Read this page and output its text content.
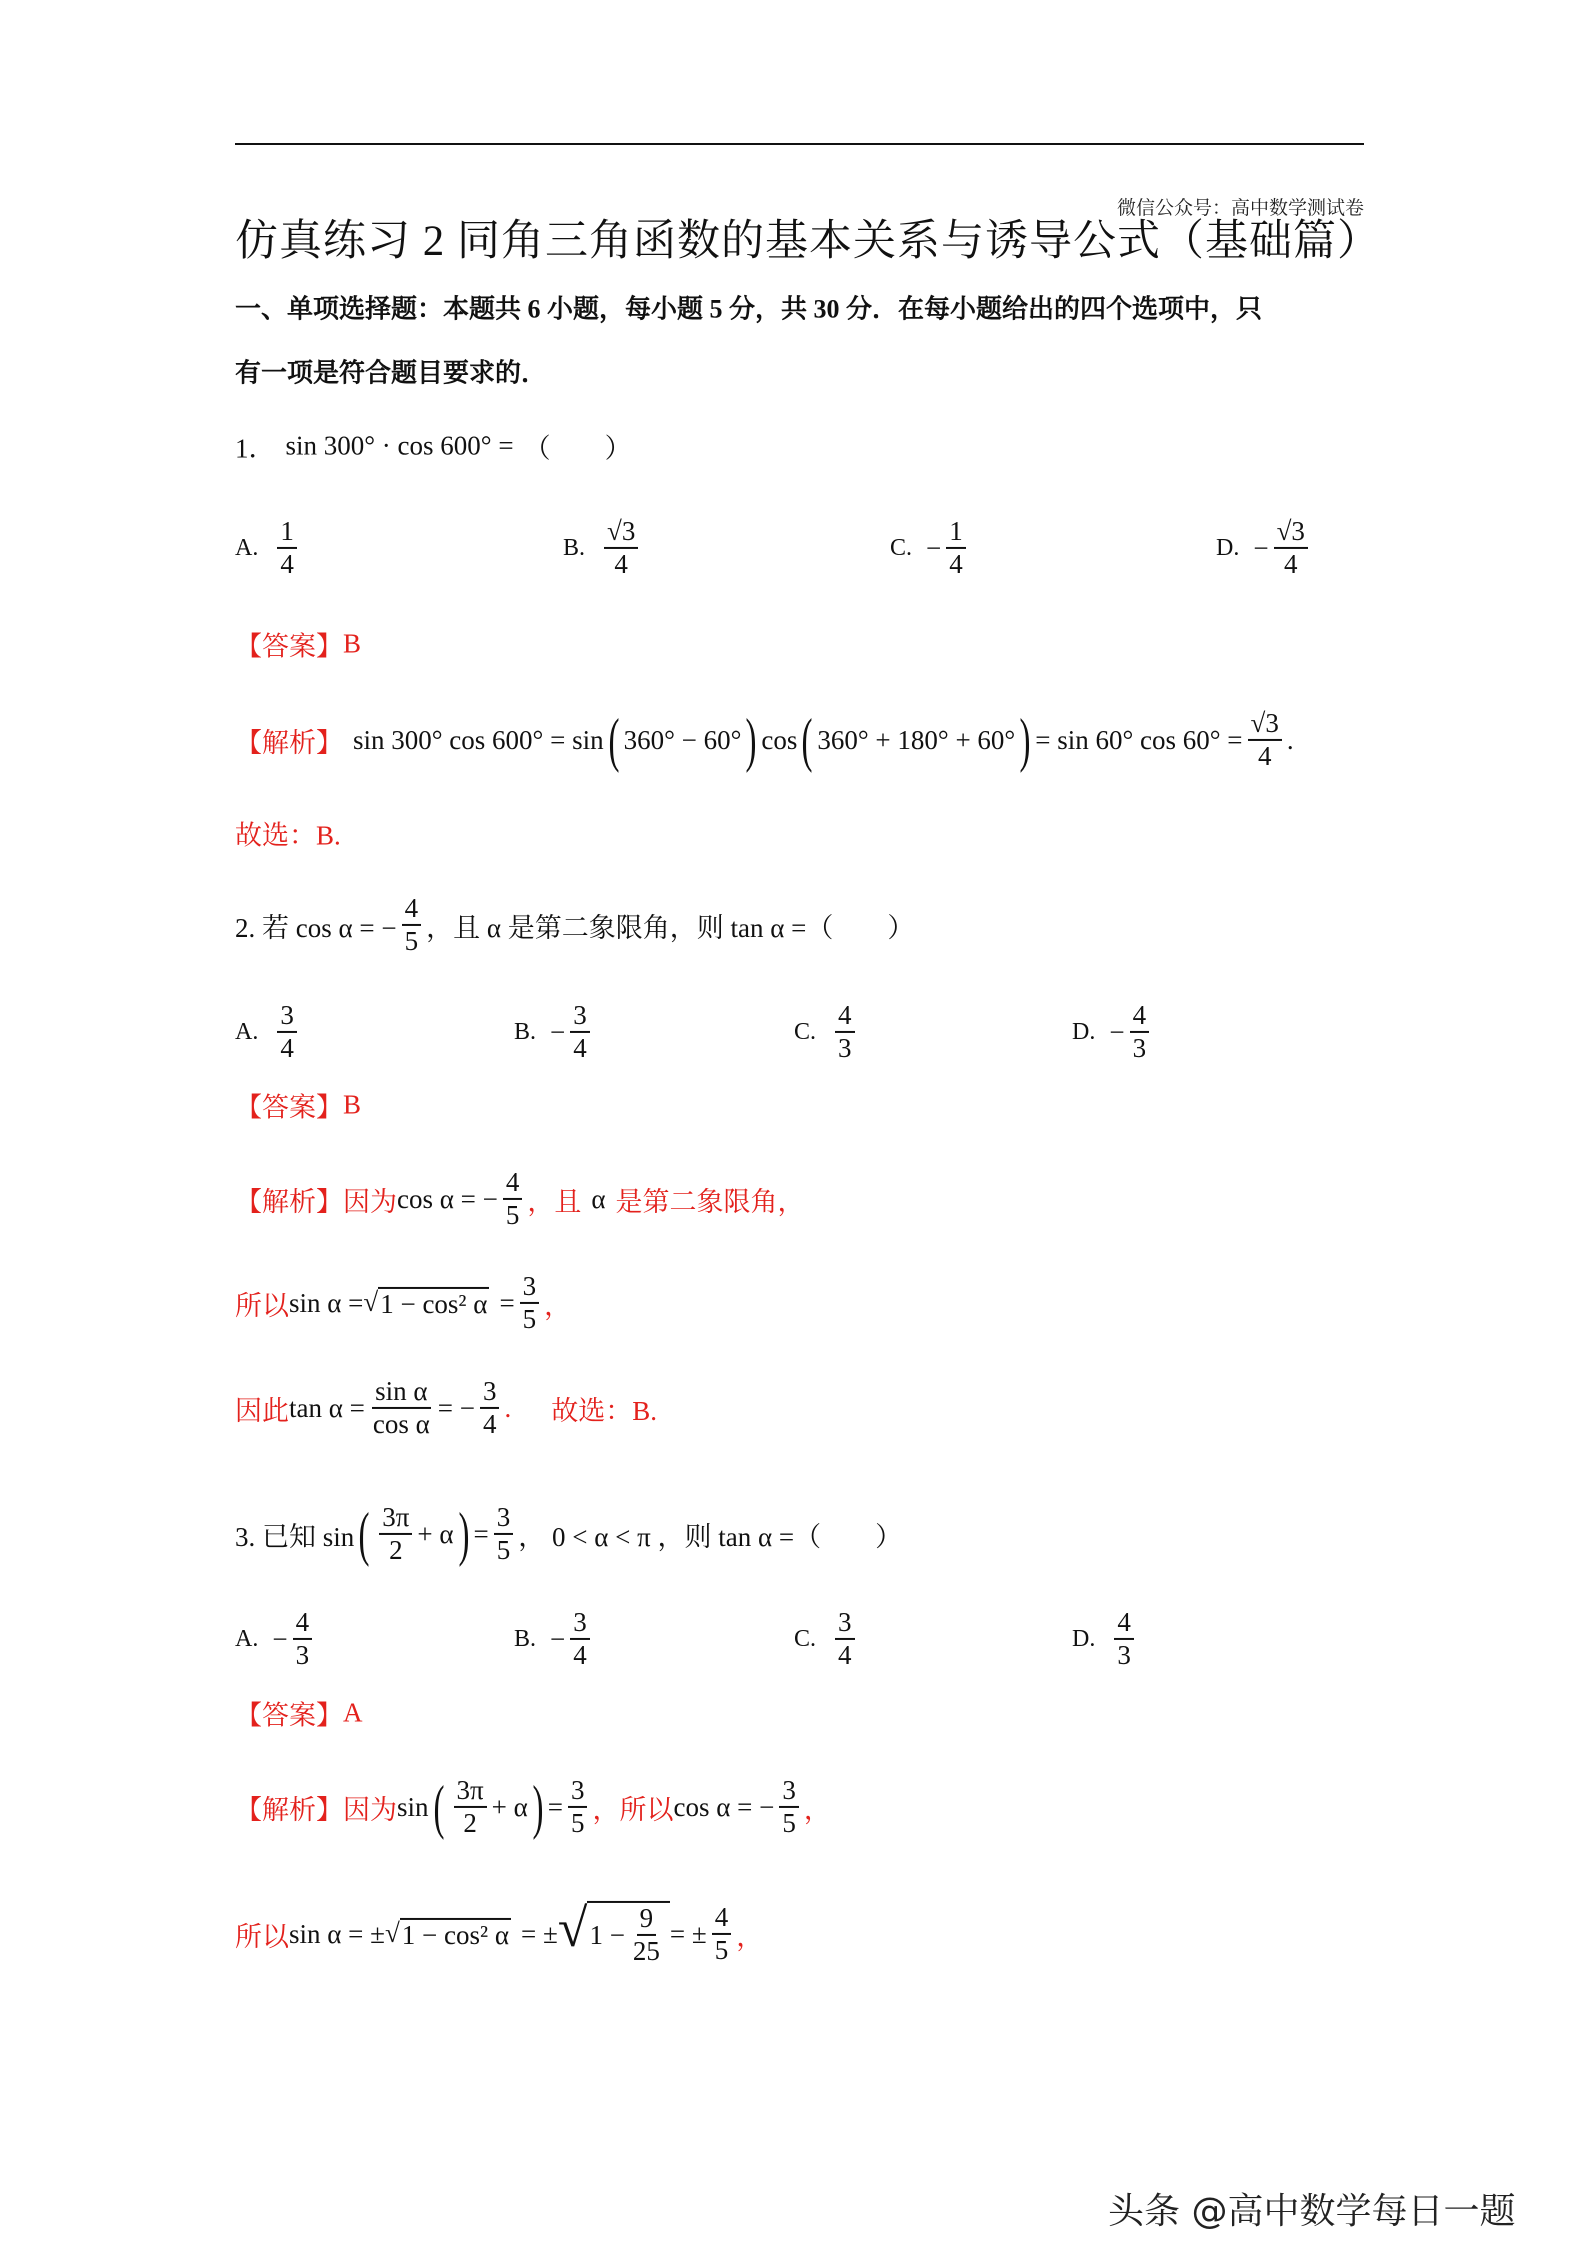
微信公众号：高中数学测试卷
仿真练习 2 同角三角函数的基本关系与诱导公式（基础篇）
一、单项选择题：本题共 6 小题，每小题 5 分，共 30 分．在每小题给出的四个选项中，只
有一项是符合题目要求的．
1． sin 300° · cos 600° = （　　）
【答案】 B
【解析】 sin 300° cos 600° = sin ( 360° − 60° ) cos ( 360° + 180° + 60° ) = sin 60° $\cos 60^\circ = \frac{√3}{4}$ .
故选：B.
2. 若 cos α = − $\frac{4}{5}$ ，且 α 是第二象限角，则 tan α =（　　）
【答案】 B
【解析】 因为 cos α = − $\frac{4}{5}$ ，且 α 是第二象限角，
所以 sin α = √ 1 − cos² $\alpha = \frac{3}{5}$ ，
因此 $\tan \alpha = \frac{\text{sin α}}{\text{cos α}}$ = − $\frac{3}{4}$ . 故选：B.
3. 已知 sin ( $\frac{3\pi}{2} + \alpha$ ) = $\frac{3}{5}$ ， 0 < α < π ，则 tan α =（　　）
【答案】 A
【解析】 因为 sin ( $\frac{3\pi}{2} + \alpha$ ) = $\frac{3}{5}$ ，所以 cos α = − $\frac{3}{5}$ ，
所以 sin α = ± √ 1 − cos² α = ± √ $1 - \frac{9}{25}$ = ± $\frac{4}{5}$ ，
头条 @高中数学每日一题
A. $\frac{1}{4}$	B. $\frac{√3}{4}$	C. − $\frac{1}{4}$	D. − $\frac{√3}{4}$
A. $\frac{3}{4}$	B. − $\frac{3}{4}$	C. $\frac{4}{3}$	D. − $\frac{4}{3}$
A. − $\frac{4}{3}$	B. − $\frac{3}{4}$	C. $\frac{3}{4}$	D. $\frac{4}{3}$
